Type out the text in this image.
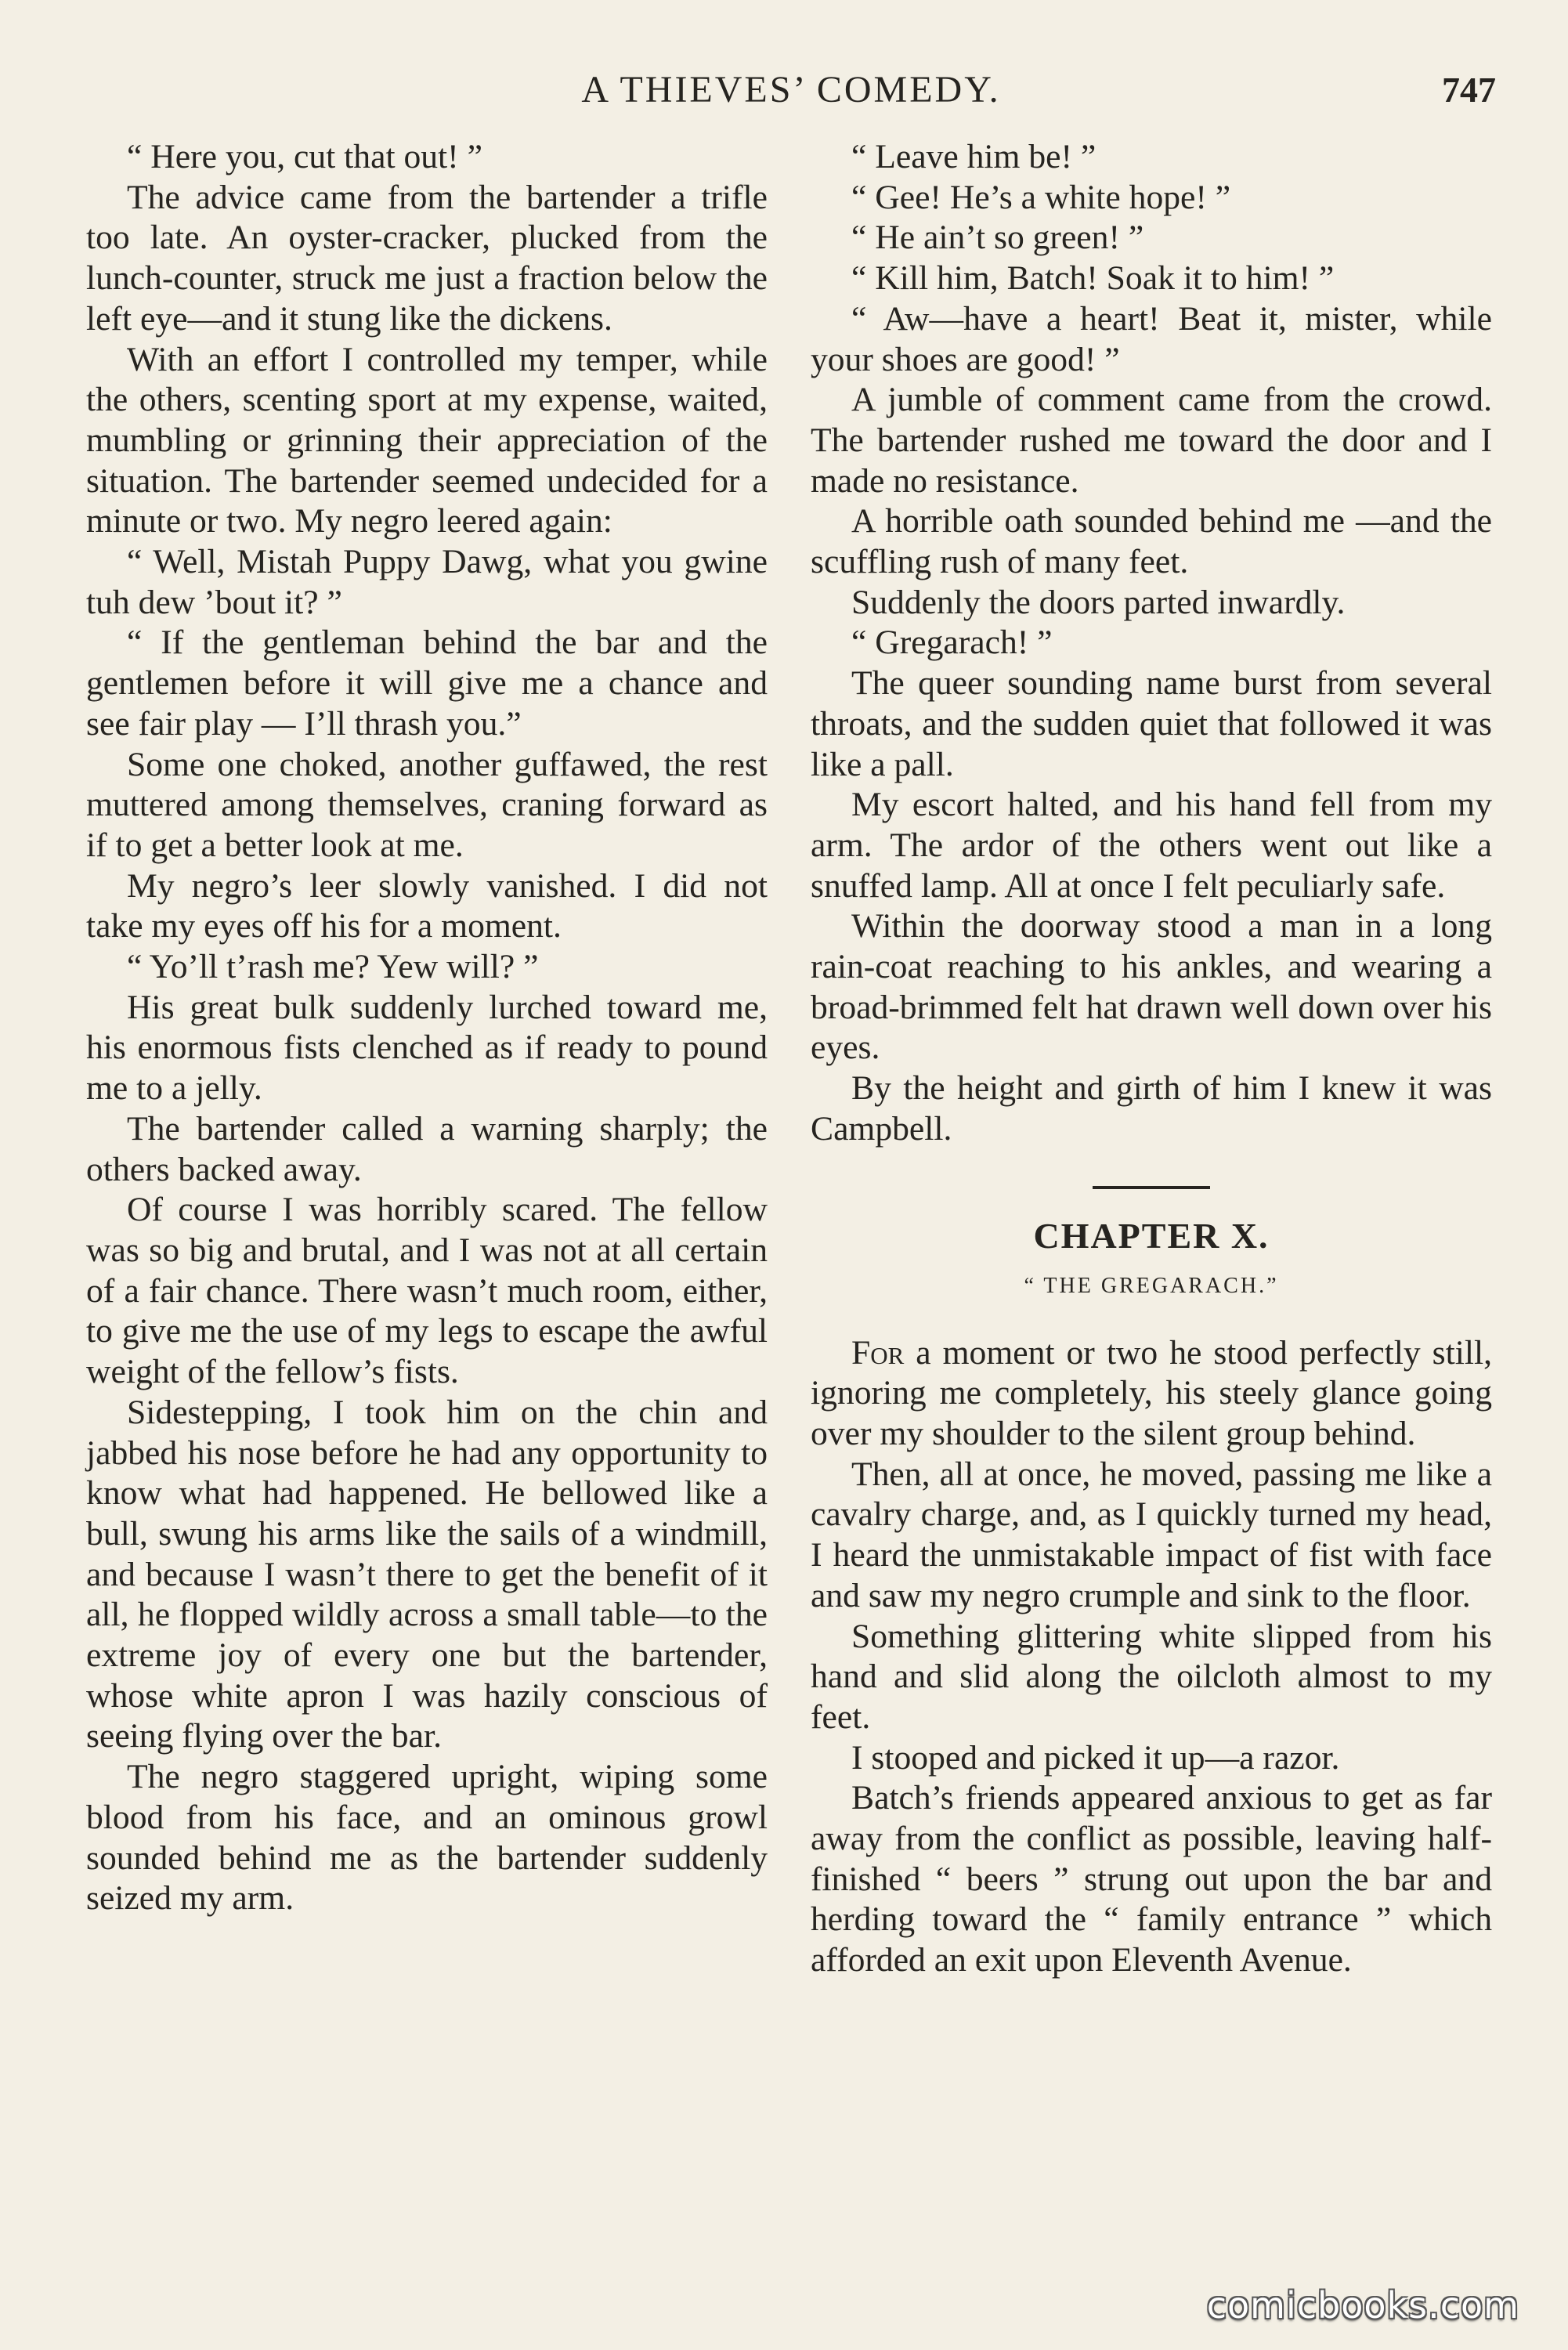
A THIEVES’ COMEDY.	747

“ Here you, cut that out! ”

The advice came from the bartender a trifle too late. An oyster-cracker, plucked from the lunch-counter, struck me just a fraction below the left eye—and it stung like the dickens.

With an effort I controlled my temper, while the others, scenting sport at my expense, waited, mumbling or grinning their appreciation of the situation. The bartender seemed undecided for a minute or two. My negro leered again:

“ Well, Mistah Puppy Dawg, what you gwine tuh dew ’bout it? ”

“ If the gentleman behind the bar and the gentlemen before it will give me a chance and see fair play — I’ll thrash you.”

Some one choked, another guffawed, the rest muttered among themselves, craning forward as if to get a better look at me.

My negro’s leer slowly vanished. I did not take my eyes off his for a moment.

“ Yo’ll t’rash me? Yew will? ”

His great bulk suddenly lurched toward me, his enormous fists clenched as if ready to pound me to a jelly.

The bartender called a warning sharply; the others backed away.

Of course I was horribly scared. The fellow was so big and brutal, and I was not at all certain of a fair chance. There wasn’t much room, either, to give me the use of my legs to escape the awful weight of the fellow’s fists.

Sidestepping, I took him on the chin and jabbed his nose before he had any opportunity to know what had happened. He bellowed like a bull, swung his arms like the sails of a windmill, and because I wasn’t there to get the benefit of it all, he flopped wildly across a small table—to the extreme joy of every one but the bartender, whose white apron I was hazily conscious of seeing flying over the bar.

The negro staggered upright, wiping some blood from his face, and an ominous growl sounded behind me as the bartender suddenly seized my arm.

“ Leave him be! ”

“ Gee! He’s a white hope! ”

“ He ain’t so green! ”

“ Kill him, Batch! Soak it to him! ”

“ Aw—have a heart! Beat it, mister, while your shoes are good! ”

A jumble of comment came from the crowd. The bartender rushed me toward the door and I made no resistance.

A horrible oath sounded behind me —and the scuffling rush of many feet.

Suddenly the doors parted inwardly.

“ Gregarach! ”

The queer sounding name burst from several throats, and the sudden quiet that followed it was like a pall.

My escort halted, and his hand fell from my arm. The ardor of the others went out like a snuffed lamp. All at once I felt peculiarly safe.

Within the doorway stood a man in a long rain-coat reaching to his ankles, and wearing a broad-brimmed felt hat drawn well down over his eyes.

By the height and girth of him I knew it was Campbell.

CHAPTER X.
“ THE GREGARACH.”

For a moment or two he stood perfectly still, ignoring me completely, his steely glance going over my shoulder to the silent group behind.

Then, all at once, he moved, passing me like a cavalry charge, and, as I quickly turned my head, I heard the unmistakable impact of fist with face and saw my negro crumple and sink to the floor.

Something glittering white slipped from his hand and slid along the oilcloth almost to my feet.

I stooped and picked it up—a razor.

Batch’s friends appeared anxious to get as far away from the conflict as possible, leaving half-finished “ beers ” strung out upon the bar and herding toward the “ family entrance ” which afforded an exit upon Eleventh Avenue.

comicbooks.com
